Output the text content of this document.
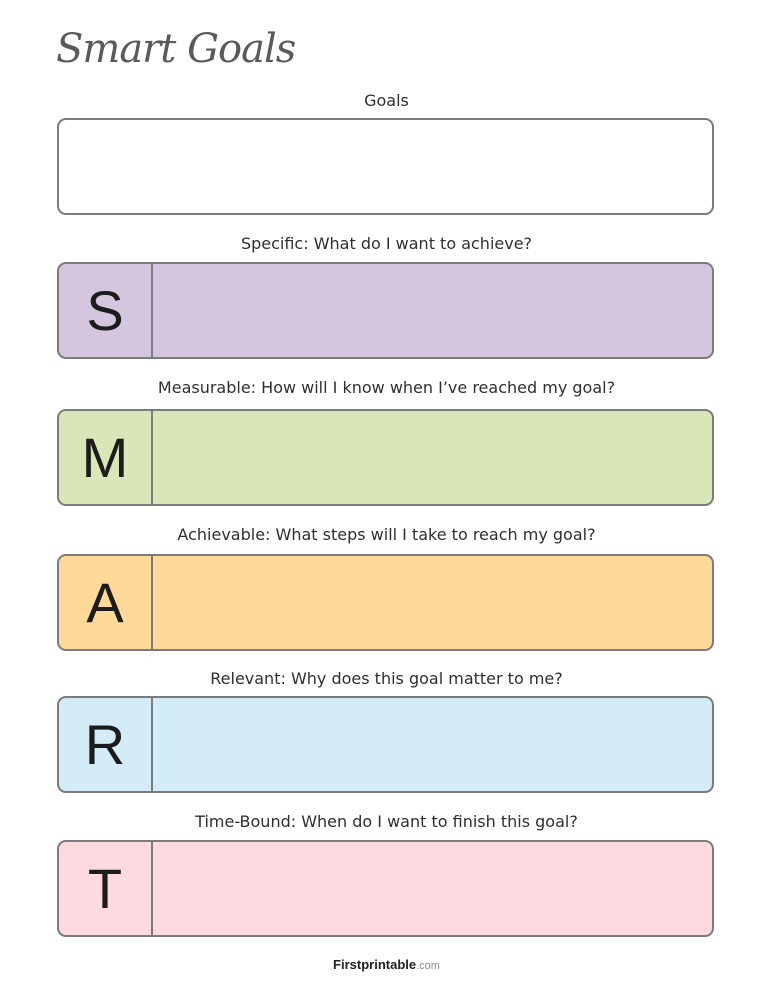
Smart Goals

Goals

Specific: What do I want to achieve?

S

Measurable: How will I know when I’ve reached my goal?

M

Achievable: What steps will I take to reach my goal?

A

Relevant: Why does this goal matter to me?

R

Time-Bound: When do I want to finish this goal?

T
Firstprintable.com
